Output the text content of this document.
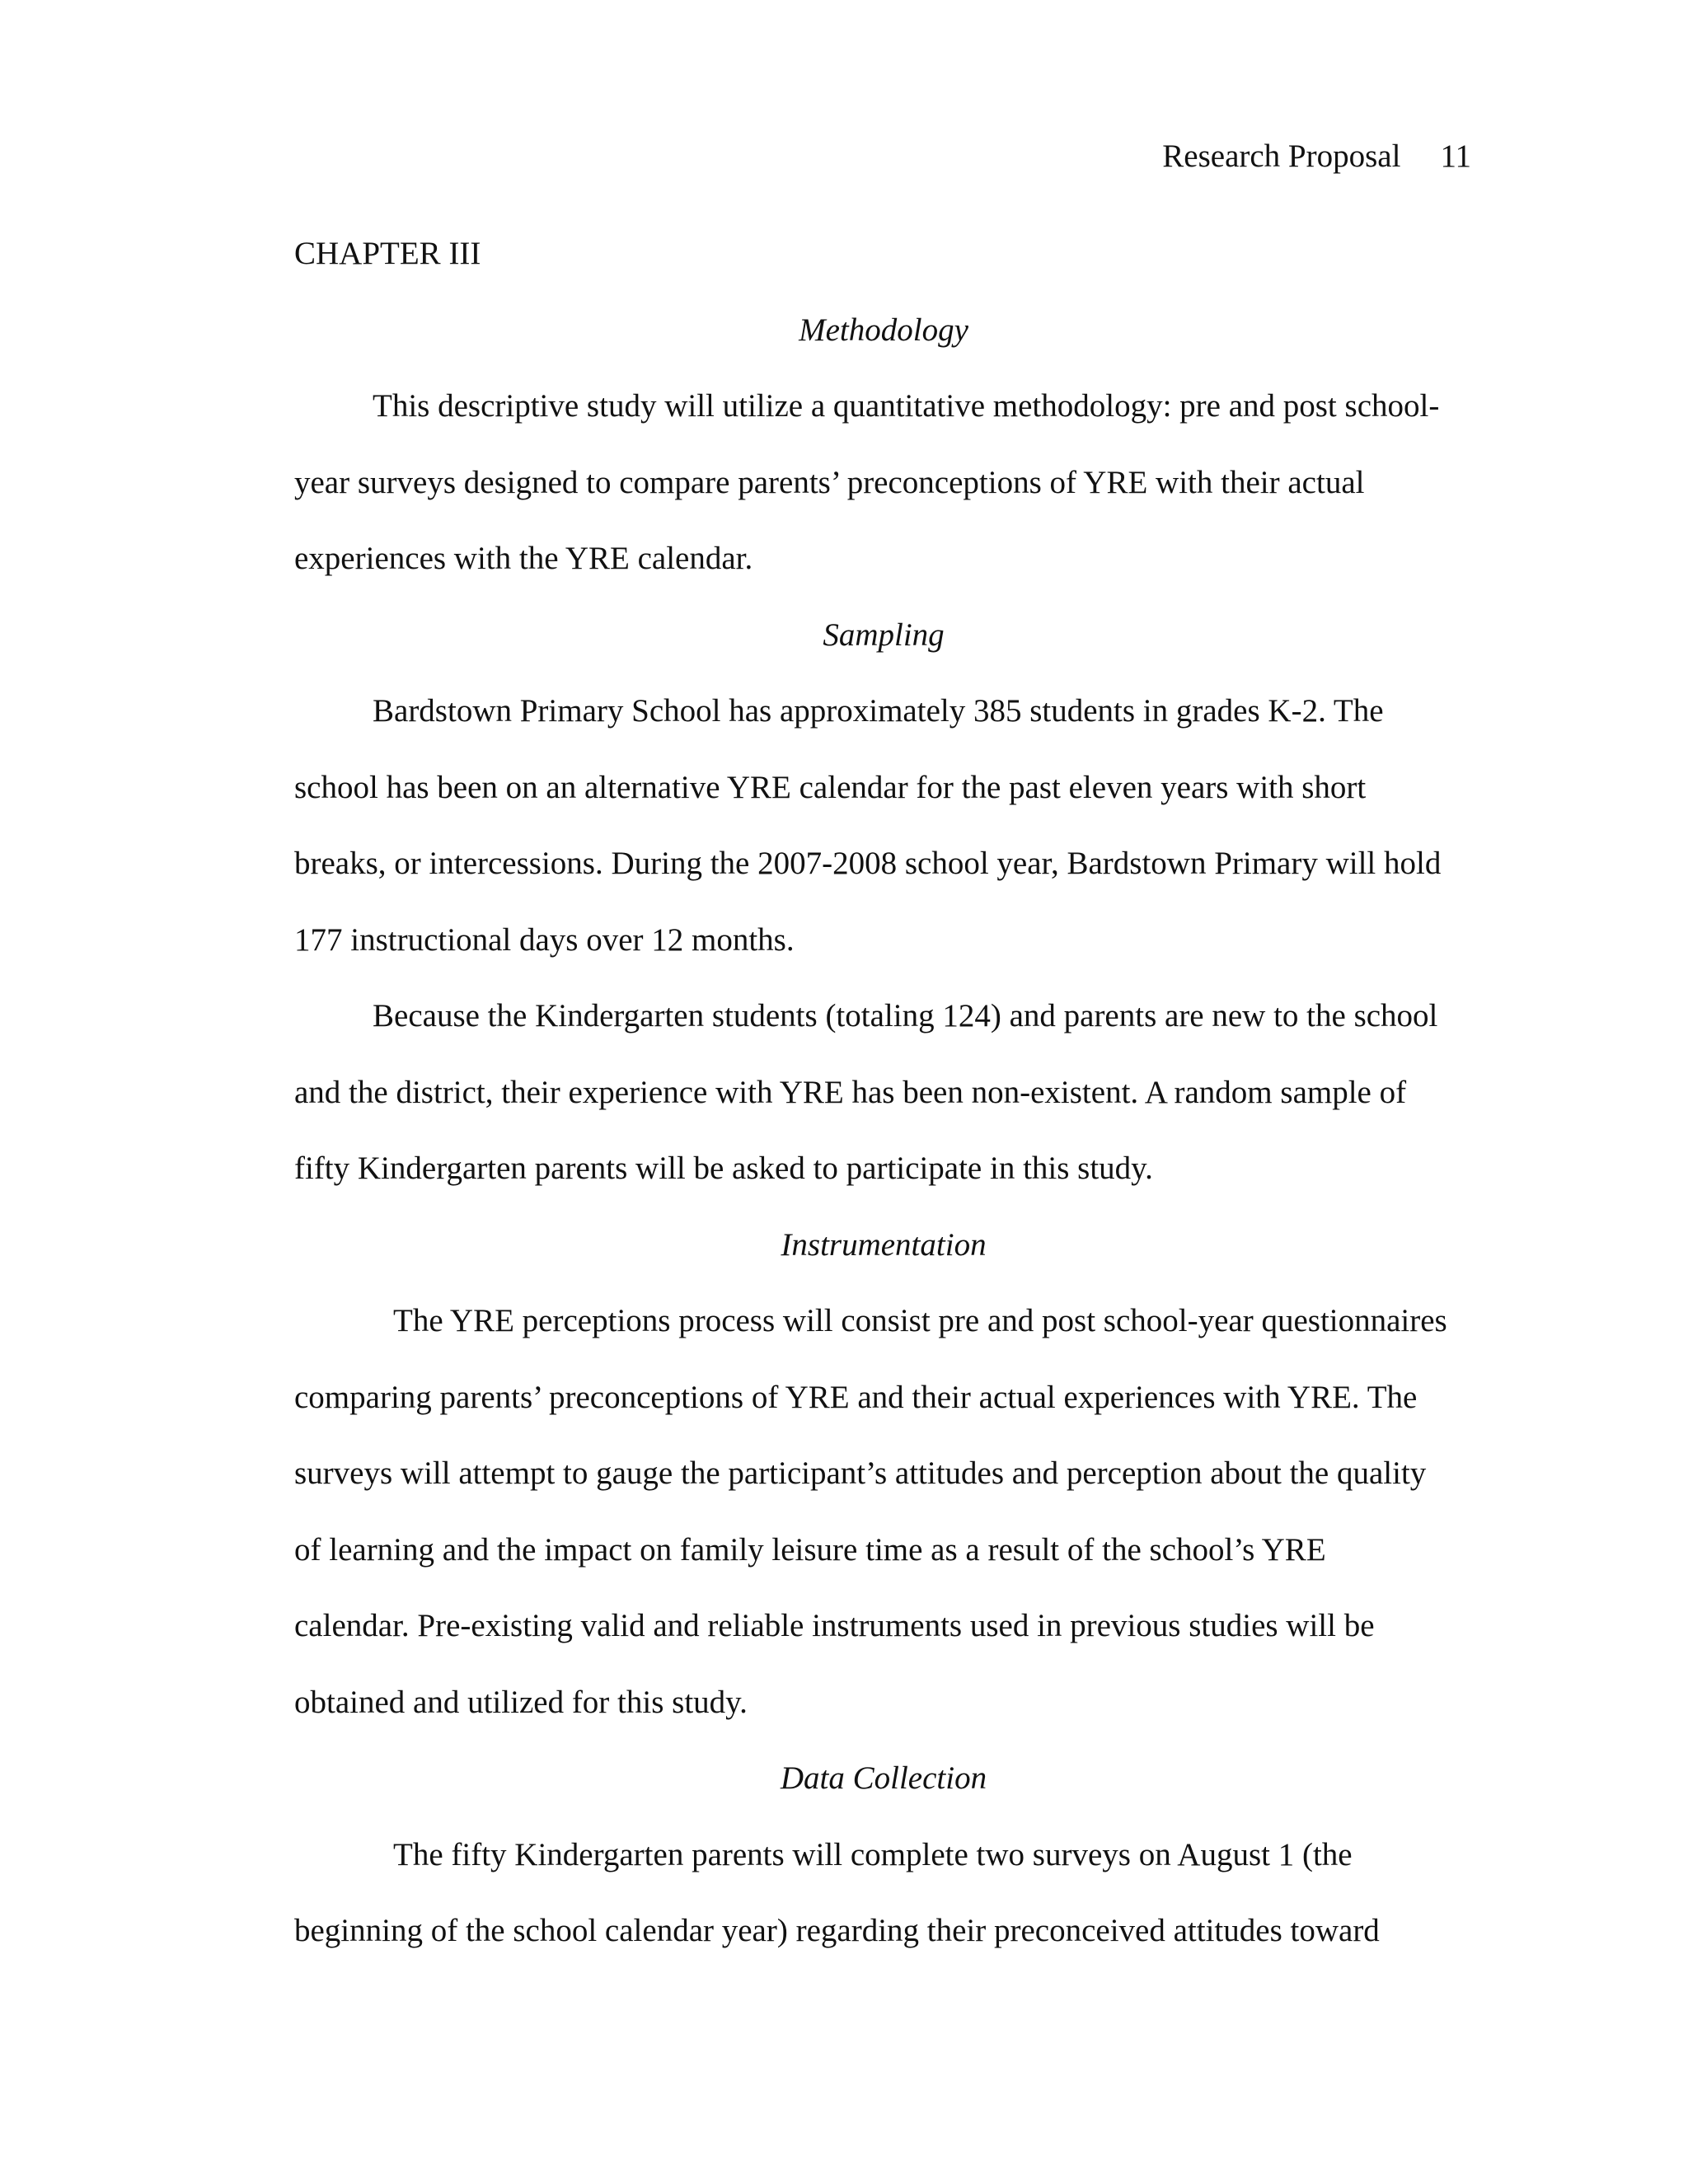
Research Proposal 11
CHAPTER III
Methodology
This descriptive study will utilize a quantitative methodology: pre and post school-
year surveys designed to compare parents’ preconceptions of YRE with their actual
experiences with the YRE calendar.
Sampling
Bardstown Primary School has approximately 385 students in grades K-2. The
school has been on an alternative YRE calendar for the past eleven years with short
breaks, or intercessions. During the 2007-2008 school year, Bardstown Primary will hold
177 instructional days over 12 months.
Because the Kindergarten students (totaling 124) and parents are new to the school
and the district, their experience with YRE has been non-existent. A random sample of
fifty Kindergarten parents will be asked to participate in this study.
Instrumentation
The YRE perceptions process will consist pre and post school-year questionnaires
comparing parents’ preconceptions of YRE and their actual experiences with YRE. The
surveys will attempt to gauge the participant’s attitudes and perception about the quality
of learning and the impact on family leisure time as a result of the school’s YRE
calendar. Pre-existing valid and reliable instruments used in previous studies will be
obtained and utilized for this study.
Data Collection
The fifty Kindergarten parents will complete two surveys on August 1 (the
beginning of the school calendar year) regarding their preconceived attitudes toward
